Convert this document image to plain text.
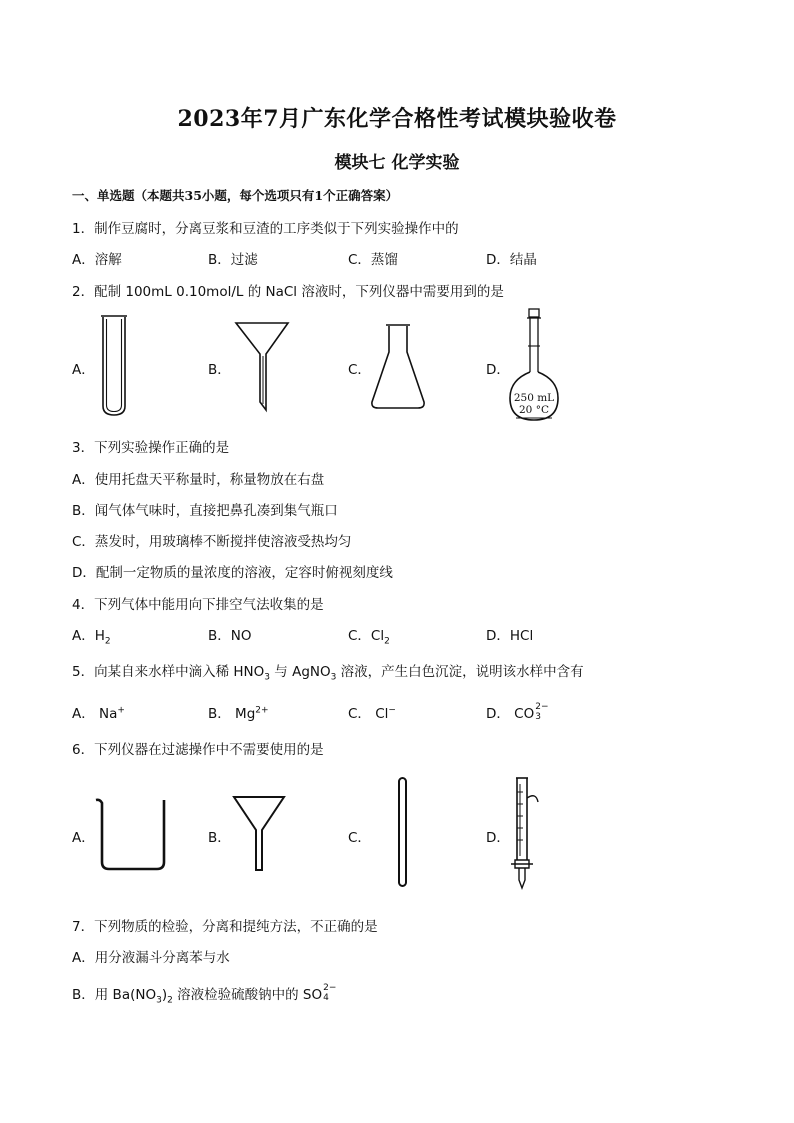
2023年7月广东化学合格性考试模块验收卷
模块七 化学实验
一、单选题（本题共35小题，每个选项只有1个正确答案）
1．制作豆腐时，分离豆浆和豆渣的工序类似于下列实验操作中的
A．溶解	B．过滤	C．蒸馏	D．结晶
2．配制 100mL 0.10mol/L 的 NaCl 溶液时，下列仪器中需要用到的是
A．	B．	C．	D．
250 mL
20 °C
3．下列实验操作正确的是
A．使用托盘天平称量时，称量物放在右盘
B．闻气体气味时，直接把鼻孔凑到集气瓶口
C．蒸发时，用玻璃棒不断搅拌使溶液受热均匀
D．配制一定物质的量浓度的溶液，定容时俯视刻度线
4．下列气体中能用向下排空气法收集的是
A．$H_2$	B．NO	C．$Cl_2$	D．HCl
5．向某自来水样中滴入稀 $HNO_3$ 与 AgNO$_3$ 溶液，产生白色沉淀，说明该水样中含有
A． Na+	B． $Mg^{2+}$	C． Cl−	D． CO 2−
3
6．下列仪器在过滤操作中不需要使用的是
A．	B．	C．	D．
7．下列物质的检验，分离和提纯方法，不正确的是
A．用分液漏斗分离苯与水
B．用 $Ba(NO_3)_2$ 溶液检验硫酸钠中的 SO 2−
4
